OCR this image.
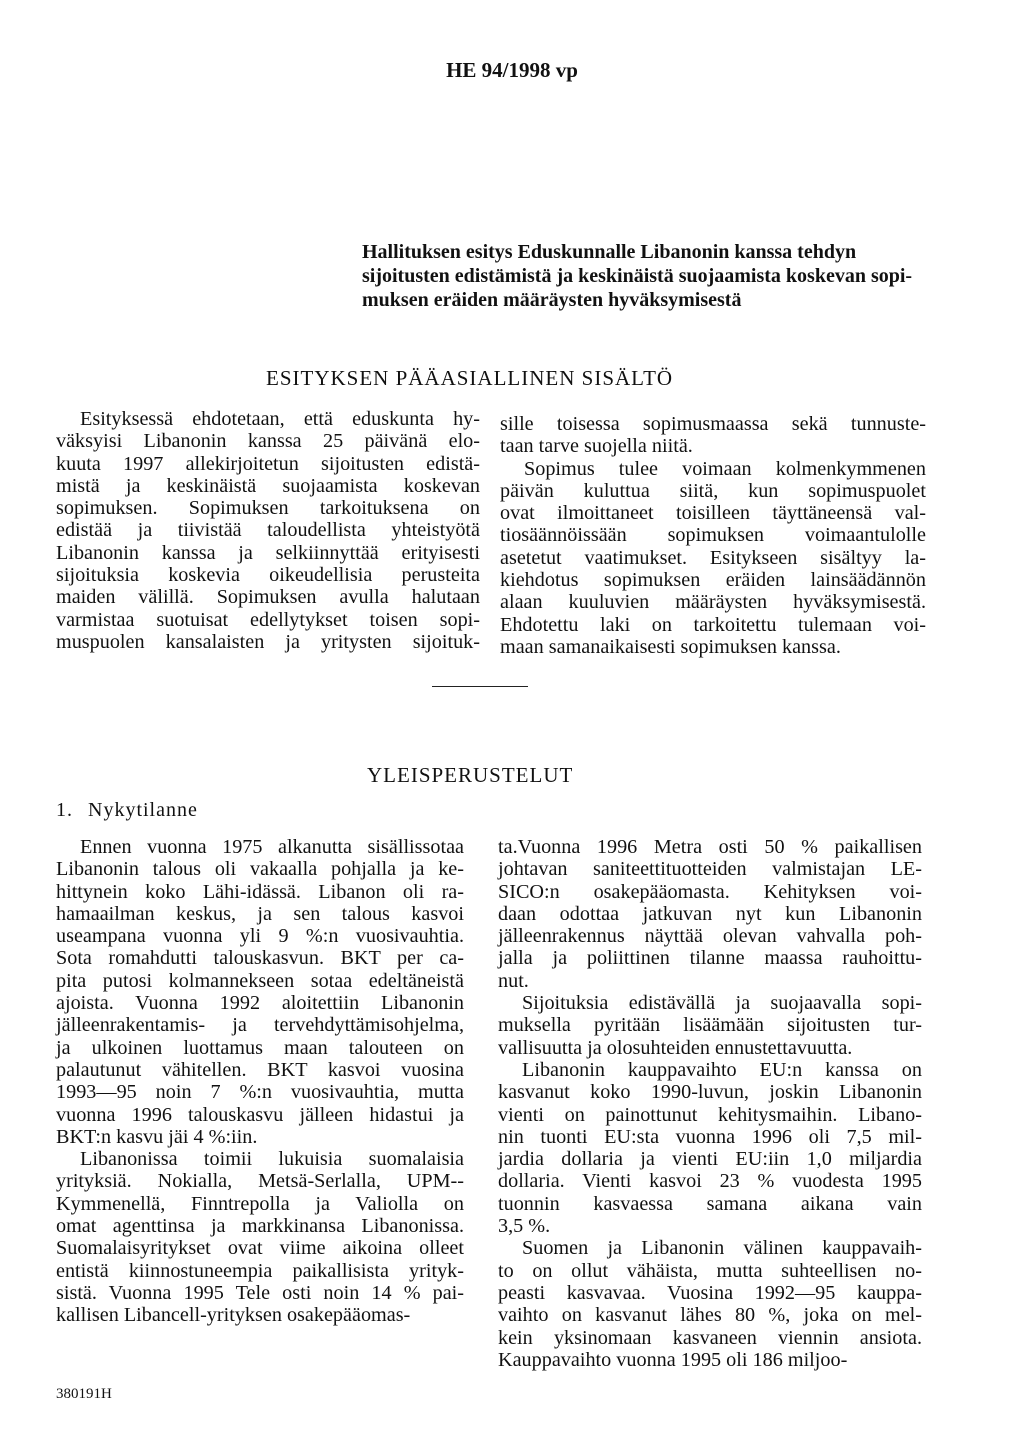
HE 94/1998 vp
Hallituksen esitys Eduskunnalle Libanonin kanssa tehdyn
sijoitusten edistämistä ja keskinäistä suojaamista koskevan sopi-
muksen eräiden määräysten hyväksymisestä
ESITYKSEN PÄÄASIALLINEN SISÄLTÖ
Esityksessä ehdotetaan, että eduskunta hy-
väksyisi Libanonin kanssa 25 päivänä elo-
kuuta 1997 allekirjoitetun sijoitusten edistä-
mistä ja keskinäistä suojaamista koskevan
sopimuksen. Sopimuksen tarkoituksena on
edistää ja tiivistää taloudellista yhteistyötä
Libanonin kanssa ja selkiinnyttää erityisesti
sijoituksia koskevia oikeudellisia perusteita
maiden välillä. Sopimuksen avulla halutaan
varmistaa suotuisat edellytykset toisen sopi-
muspuolen kansalaisten ja yritysten sijoituk-
sille toisessa sopimusmaassa sekä tunnuste-
taan tarve suojella niitä.
Sopimus tulee voimaan kolmenkymmenen
päivän kuluttua siitä, kun sopimuspuolet
ovat ilmoittaneet toisilleen täyttäneensä val-
tiosäännöissään sopimuksen voimaantulolle
asetetut vaatimukset. Esitykseen sisältyy la-
kiehdotus sopimuksen eräiden lainsäädännön
alaan kuuluvien määräysten hyväksymisestä.
Ehdotettu laki on tarkoitettu tulemaan voi-
maan samanaikaisesti sopimuksen kanssa.
YLEISPERUSTELUT
1. Nykytilanne
Ennen vuonna 1975 alkanutta sisällissotaa
Libanonin talous oli vakaalla pohjalla ja ke-
hittynein koko Lähi-idässä. Libanon oli ra-
hamaailman keskus, ja sen talous kasvoi
useampana vuonna yli 9 %:n vuosivauhtia.
Sota romahdutti talouskasvun. BKT per ca-
pita putosi kolmannekseen sotaa edeltäneistä
ajoista. Vuonna 1992 aloitettiin Libanonin
jälleenrakentamis- ja tervehdyttämisohjelma,
ja ulkoinen luottamus maan talouteen on
palautunut vähitellen. BKT kasvoi vuosina
1993—95 noin 7 %:n vuosivauhtia, mutta
vuonna 1996 talouskasvu jälleen hidastui ja
BKT:n kasvu jäi 4 %:iin.
Libanonissa toimii lukuisia suomalaisia
yrityksiä. Nokialla, Metsä-Serlalla, UPM--
Kymmenellä, Finntrepolla ja Valiolla on
omat agenttinsa ja markkinansa Libanonissa.
Suomalaisyritykset ovat viime aikoina olleet
entistä kiinnostuneempia paikallisista yrityk-
sistä. Vuonna 1995 Tele osti noin 14 % pai-
kallisen Libancell-yrityksen osakepääomas-
ta.Vuonna 1996 Metra osti 50 % paikallisen
johtavan saniteettituotteiden valmistajan LE-
SICO:n osakepääomasta. Kehityksen voi-
daan odottaa jatkuvan nyt kun Libanonin
jälleenrakennus näyttää olevan vahvalla poh-
jalla ja poliittinen tilanne maassa rauhoittu-
nut.
Sijoituksia edistävällä ja suojaavalla sopi-
muksella pyritään lisäämään sijoitusten tur-
vallisuutta ja olosuhteiden ennustettavuutta.
Libanonin kauppavaihto EU:n kanssa on
kasvanut koko 1990-luvun, joskin Libanonin
vienti on painottunut kehitysmaihin. Libano-
nin tuonti EU:sta vuonna 1996 oli 7,5 mil-
jardia dollaria ja vienti EU:iin 1,0 miljardia
dollaria. Vienti kasvoi 23 % vuodesta 1995
tuonnin kasvaessa samana aikana vain
3,5 %.
Suomen ja Libanonin välinen kauppavaih-
to on ollut vähäista, mutta suhteellisen no-
peasti kasvavaa. Vuosina 1992—95 kauppa-
vaihto on kasvanut lähes 80 %, joka on mel-
kein yksinomaan kasvaneen viennin ansiota.
Kauppavaihto vuonna 1995 oli 186 miljoo-
380191H
